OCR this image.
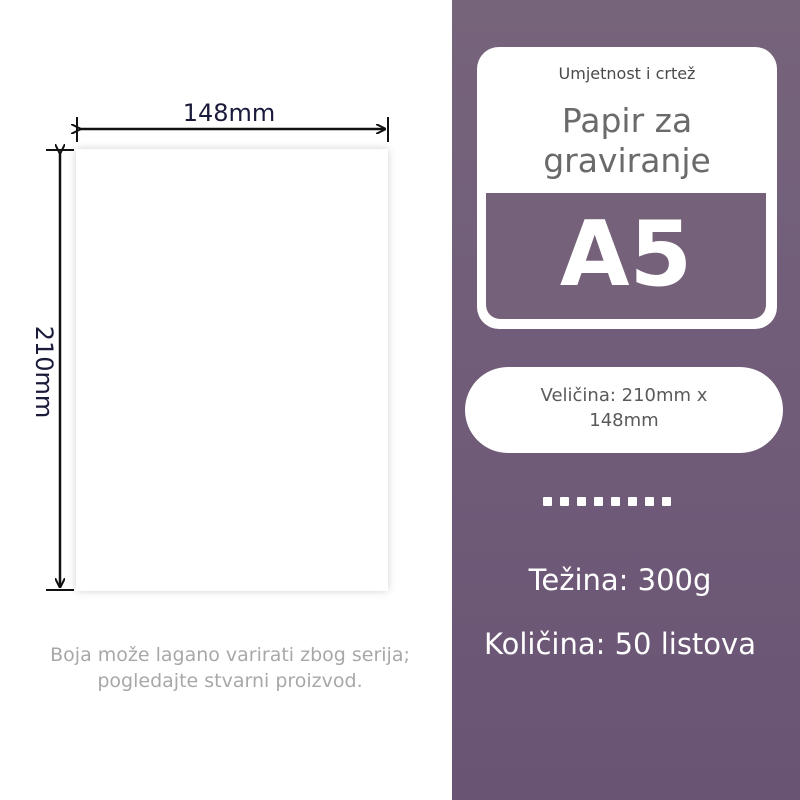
148mm
210mm
Boja može lagano varirati zbog serija; pogledajte stvarni proizvod.
Umjetnost i crtež
Papir za graviranje
A5
Veličina: 210mm x 148mm
Težina: 300g
Količina: 50 listova
